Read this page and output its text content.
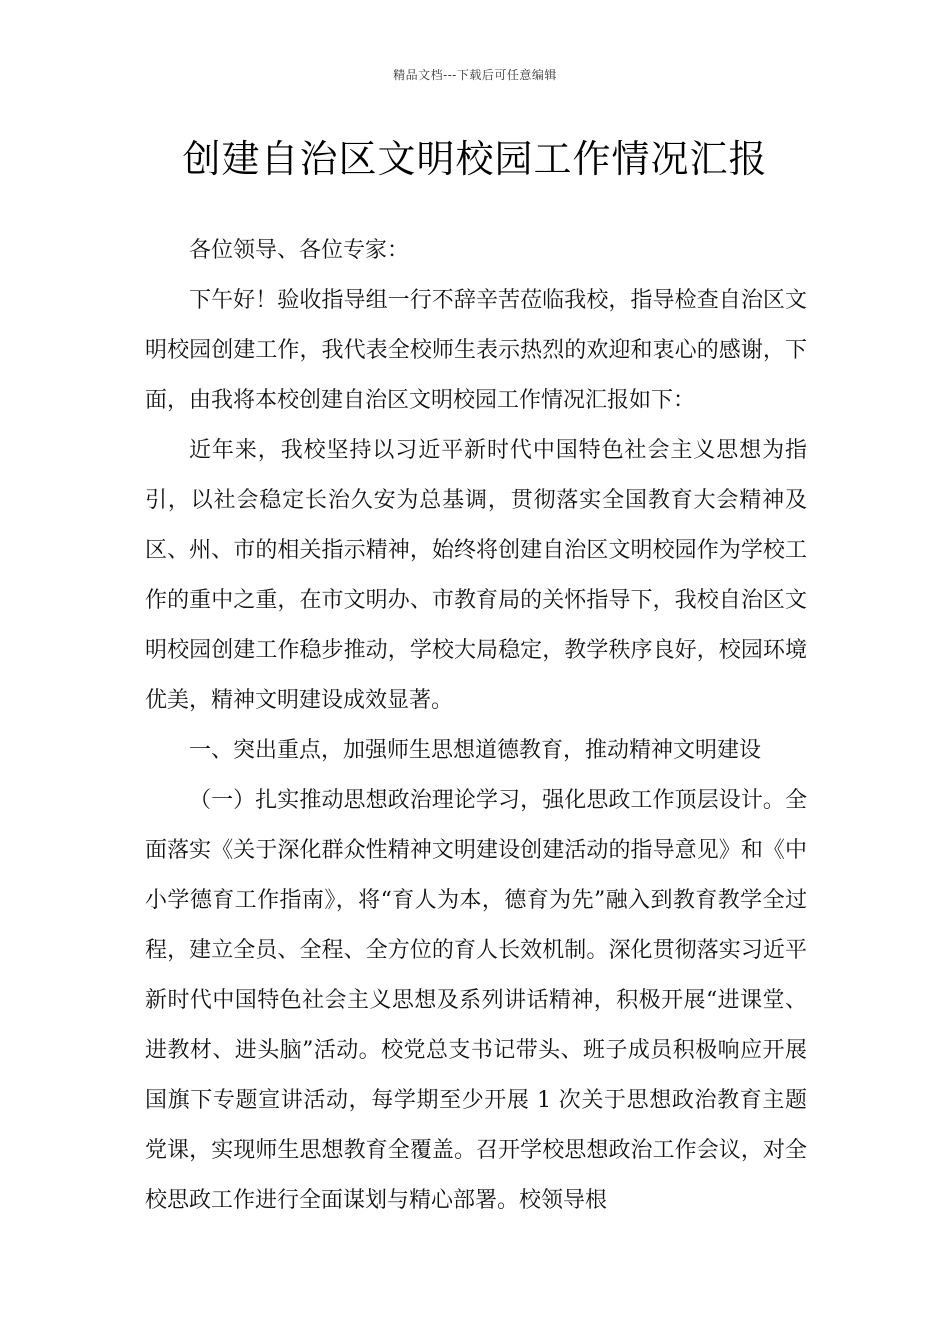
精品文档---下载后可任意编辑
创建自治区文明校园工作情况汇报

各位领导、各位专家：

下午好！验收指导组一行不辞辛苦莅临我校，指导检查自治区文明校园创建工作，我代表全校师生表示热烈的欢迎和衷心的感谢，下面，由我将本校创建自治区文明校园工作情况汇报如下：

近年来，我校坚持以习近平新时代中国特色社会主义思想为指引，以社会稳定长治久安为总基调，贯彻落实全国教育大会精神及区、州、市的相关指示精神，始终将创建自治区文明校园作为学校工作的重中之重，在市文明办、市教育局的关怀指导下，我校自治区文明校园创建工作稳步推动，学校大局稳定，教学秩序良好，校园环境优美，精神文明建设成效显著。

一、突出重点，加强师生思想道德教育，推动精神文明建设

（一）扎实推动思想政治理论学习，强化思政工作顶层设计。全面落实《关于深化群众性精神文明建设创建活动的指导意见》和《中小学德育工作指南》，将“育人为本，德育为先”融入到教育教学全过程，建立全员、全程、全方位的育人长效机制。深化贯彻落实习近平新时代中国特色社会主义思想及系列讲话精神，积极开展“进课堂、进教材、进头脑”活动。校党总支书记带头、班子成员积极响应开展国旗下专题宣讲活动，每学期至少开展 1 次关于思想政治教育主题党课，实现师生思想教育全覆盖。召开学校思想政治工作会议，对全校思政工作进行全面谋划与精心部署。校领导根
